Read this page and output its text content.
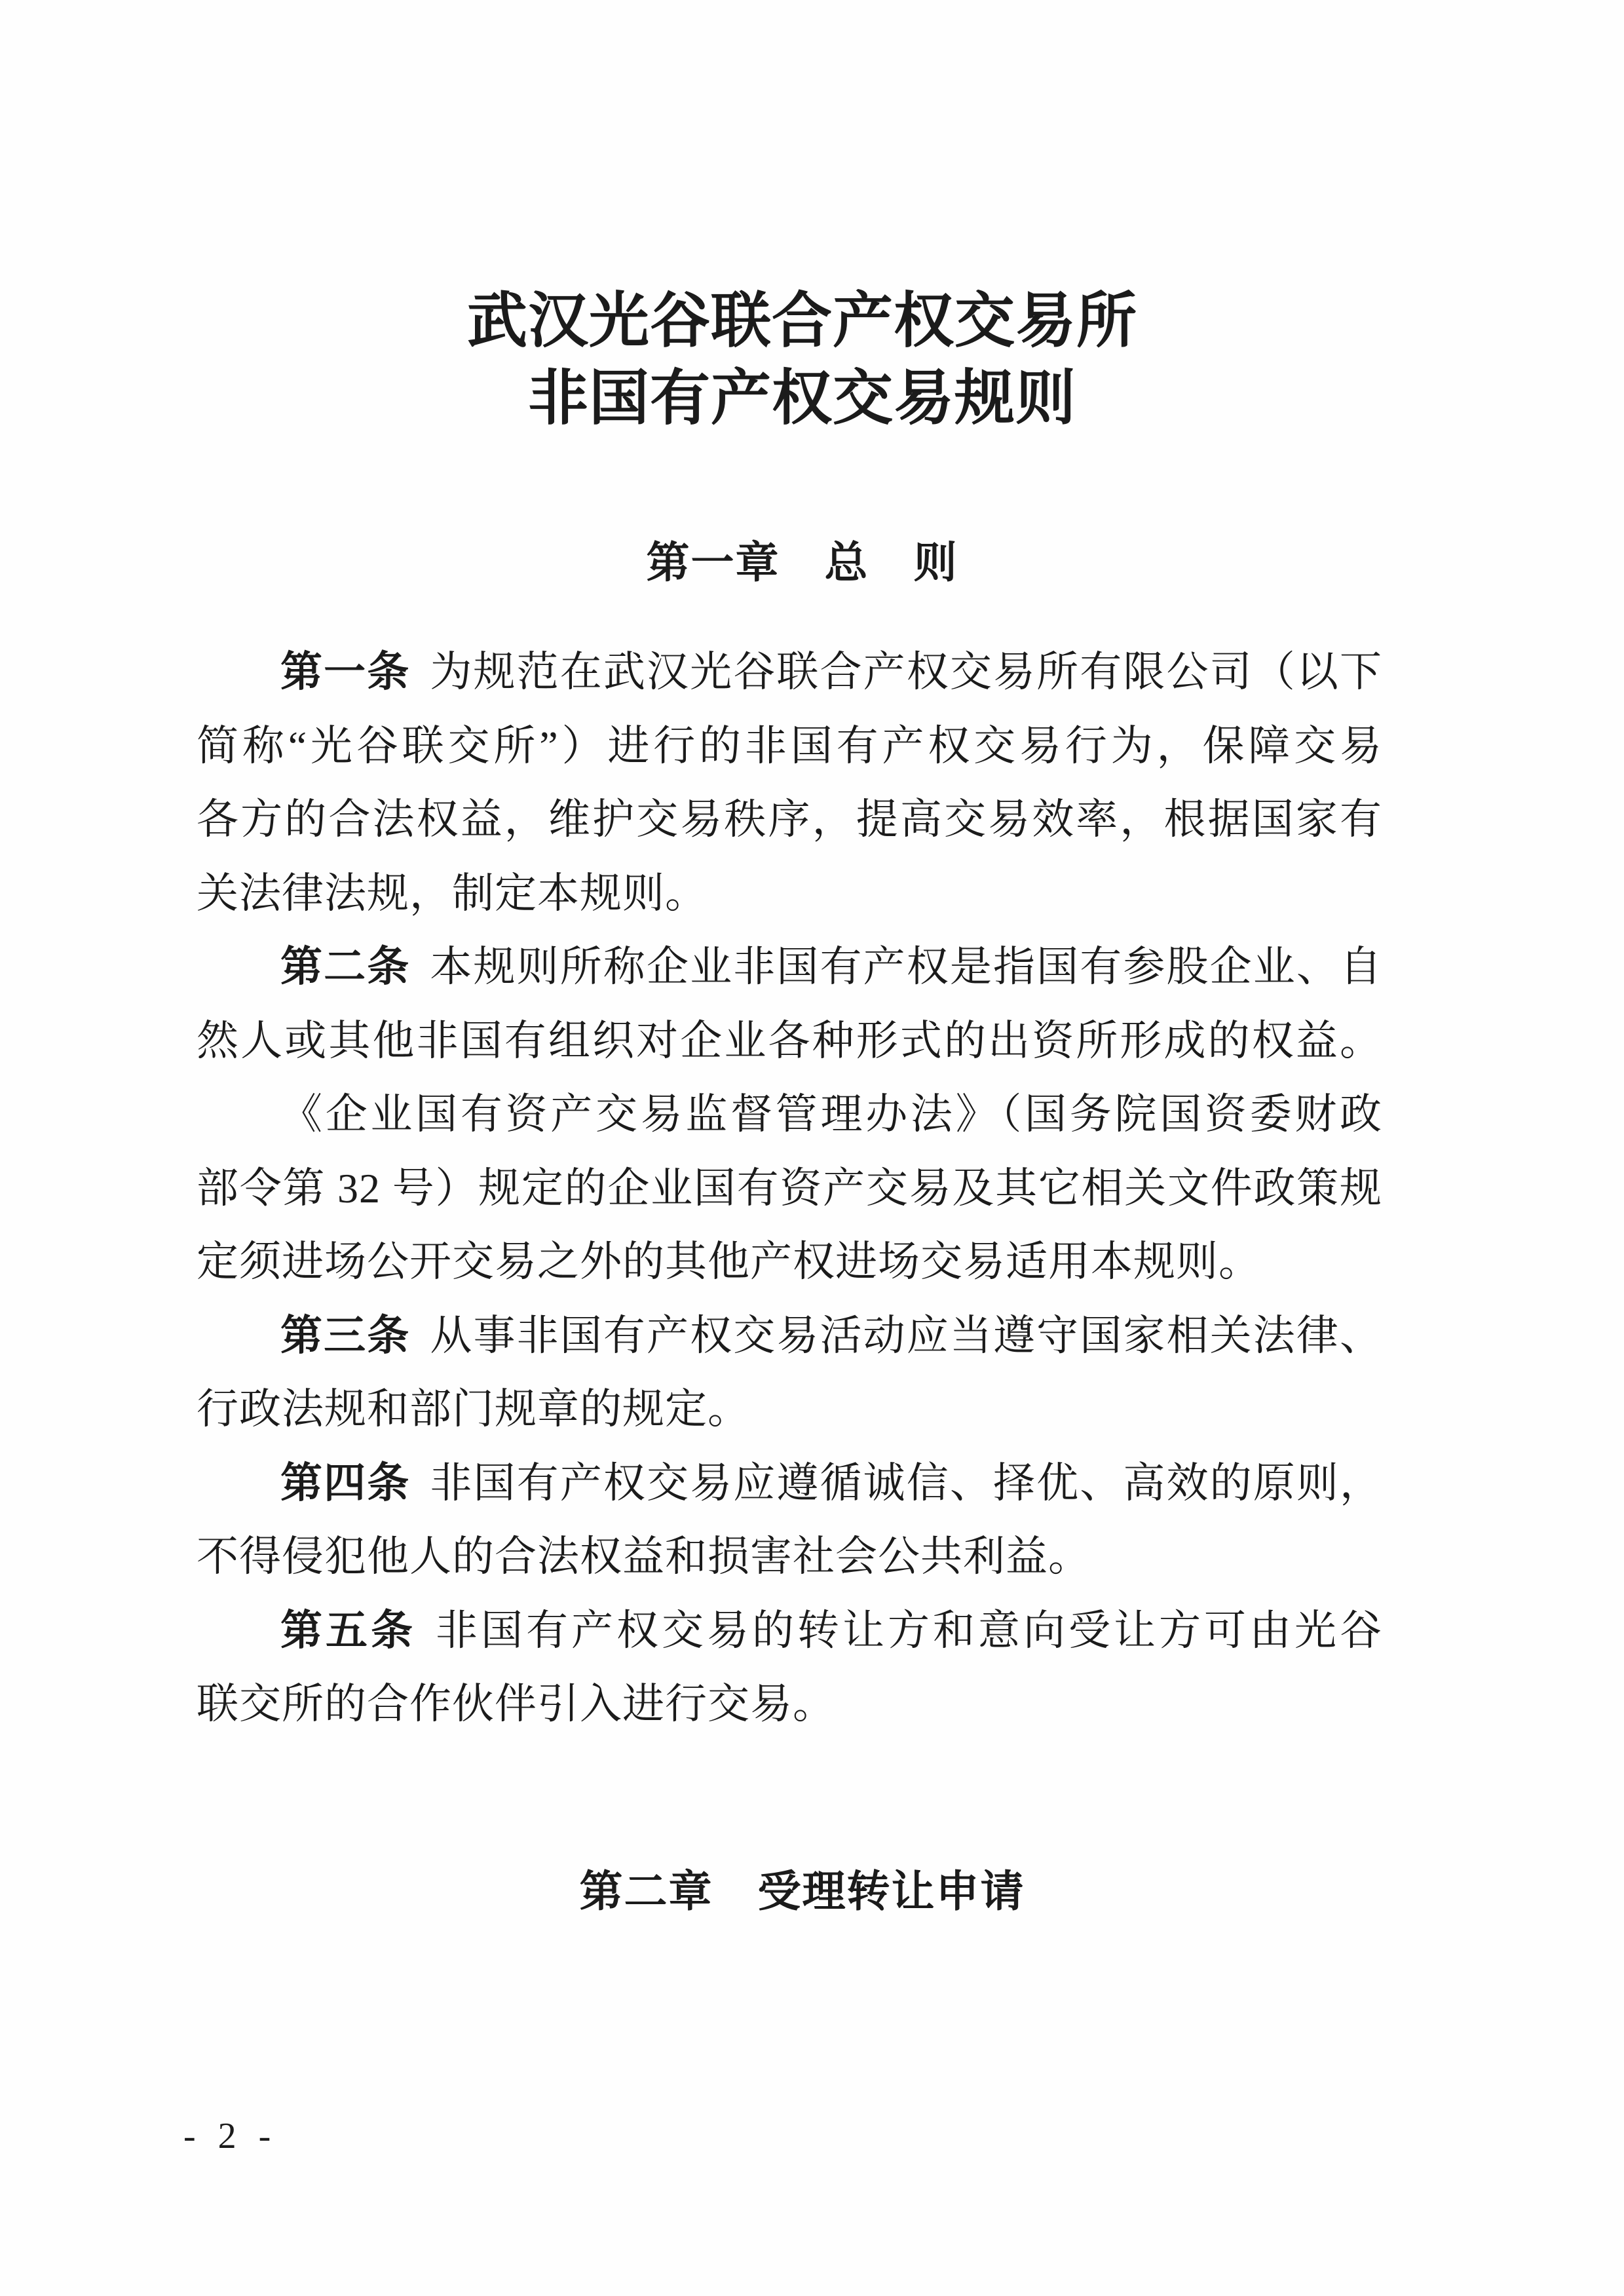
武汉光谷联合产权交易所
非国有产权交易规则
第一章　总　则
第一条 为规范在武汉光谷联合产权交易所有限公司（以下
简称“光谷联交所”）进行的非国有产权交易行为，保障交易
各方的合法权益，维护交易秩序，提高交易效率，根据国家有
关法律法规，制定本规则。
第二条 本规则所称企业非国有产权是指国有参股企业、自
然人或其他非国有组织对企业各种形式的出资所形成的权益。
《企业国有资产交易监督管理办法》（国务院国资委财政
部令第 32 号）规定的企业国有资产交易及其它相关文件政策规
定须进场公开交易之外的其他产权进场交易适用本规则。
第三条 从事非国有产权交易活动应当遵守国家相关法律、
行政法规和部门规章的规定。
第四条 非国有产权交易应遵循诚信、择优、高效的原则，
不得侵犯他人的合法权益和损害社会公共利益。
第五条 非国有产权交易的转让方和意向受让方可由光谷
联交所的合作伙伴引入进行交易。
第二章　受理转让申请
- 2 -
